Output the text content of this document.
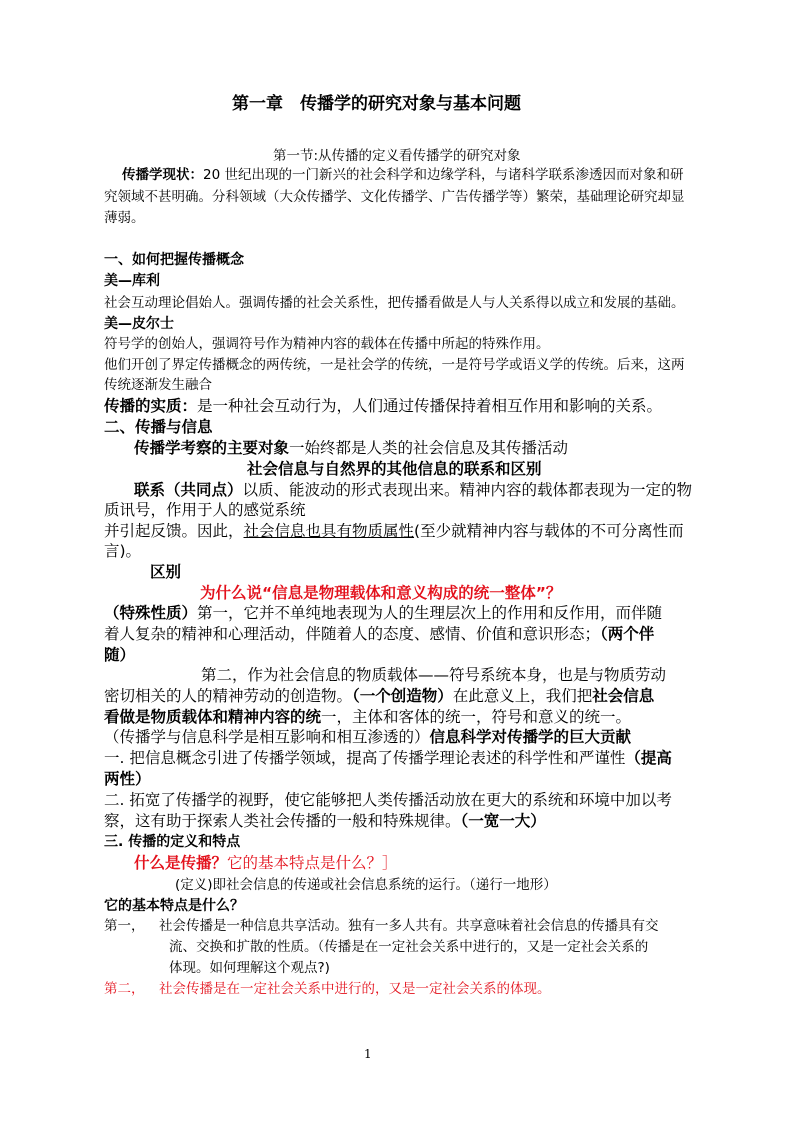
第一章　传播学的研究对象与基本问题
第一节:从传播的定义看传播学的研究对象
传播学现状：20 世纪出现的一门新兴的社会科学和边缘学科，与诸科学联系渗透因而对象和研
究领域不甚明确。分科领域（大众传播学、文化传播学、广告传播学等）繁荣，基础理论研究却显
薄弱。
一、如何把握传播概念
美—库利
社会互动理论倡始人。强调传播的社会关系性，把传播看做是人与人关系得以成立和发展的基础。
美—皮尔士
符号学的创始人，强调符号作为精神内容的载体在传播中所起的特殊作用。
他们开创了界定传播概念的两传统，一是社会学的传统，一是符号学或语义学的传统。后来，这两
传统逐渐发生融合
传播的实质：是一种社会互动行为，人们通过传播保持着相互作用和影响的关系。
二、传播与信息
传播学考察的主要对象一始终都是人类的社会信息及其传播活动
社会信息与自然界的其他信息的联系和区别
联系（共同点）以质、能波动的形式表现出来。精神内容的载体都表现为一定的物
质讯号，作用于人的感觉系统
并引起反馈。因此，社会信息也具有物质属性(至少就精神内容与载体的不可分离性而
言)。
区别
为什么说“信息是物理载体和意义构成的统一整体”？
（特殊性质）第一，它并不单纯地表现为人的生理层次上的作用和反作用，而伴随
着人复杂的精神和心理活动，伴随着人的态度、感情、价值和意识形态；（两个伴
随）
第二，作为社会信息的物质载体——符号系统本身，也是与物质劳动
密切相关的人的精神劳动的创造物。（一个创造物）在此意义上，我们把社会信息
看做是物质载体和精神内容的统一，主体和客体的统一，符号和意义的统一。
（传播学与信息科学是相互影响和相互渗透的）信息科学对传播学的巨大贡献
一. 把信息概念引进了传播学领域，提高了传播学理论表述的科学性和严谨性（提高
两性）
二. 拓宽了传播学的视野，使它能够把人类传播活动放在更大的系统和环境中加以考
察，这有助于探索人类社会传播的一般和特殊规律。（一宽一大）
三. 传播的定义和特点
什么是传播？它的基本特点是什么？］
(定义)即社会信息的传递或社会信息系统的运行。（递行一地形）
它的基本特点是什么？
第一， 社会传播是一种信息共享活动。独有一多人共有。共享意味着社会信息的传播具有交
流、交换和扩散的性质。（传播是在一定社会关系中进行的，又是一定社会关系的
体现。如何理解这个观点?)
第二， 社会传播是在一定社会关系中进行的，又是一定社会关系的体现。
1
